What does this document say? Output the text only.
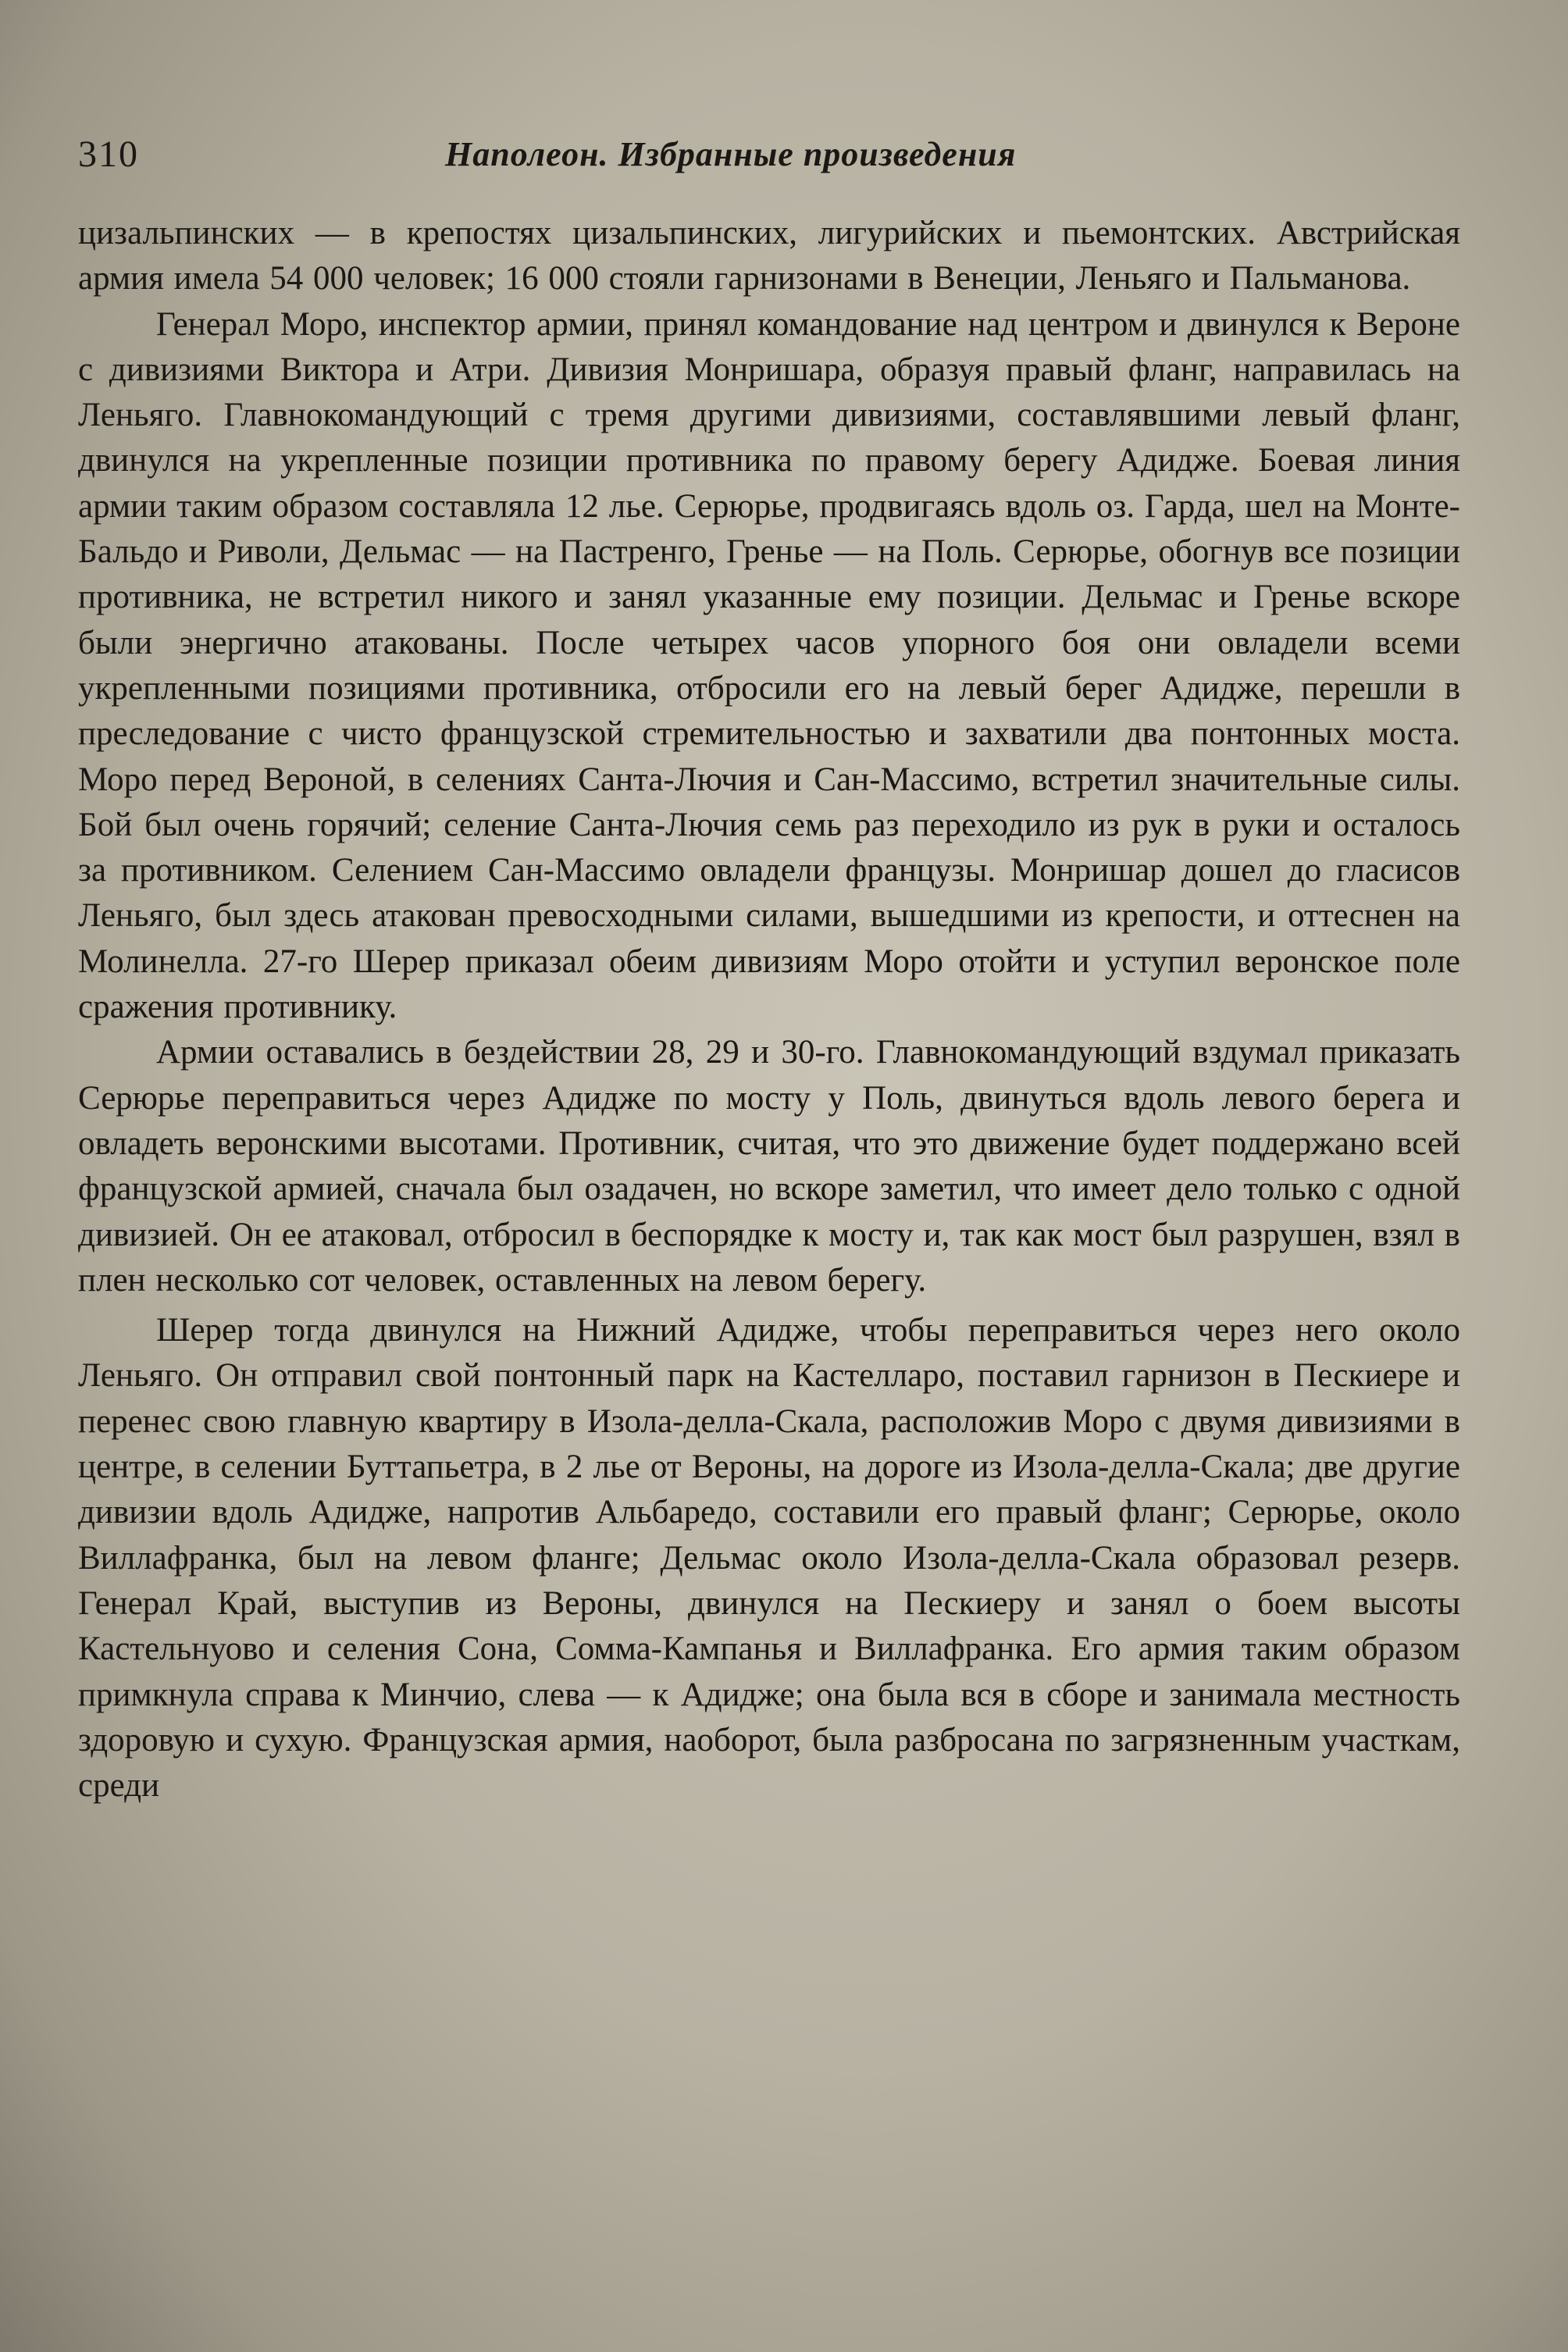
310	Наполеон. Избранные произведения

цизальпинских — в крепостях цизальпинских, лигурийских и пьемонтских. Австрийская армия имела 54 000 человек; 16 000 стояли гарнизонами в Венеции, Леньяго и Пальманова.

Генерал Моро, инспектор армии, принял командование над центром и двинулся к Вероне с дивизиями Виктора и Атри. Дивизия Монришара, образуя правый фланг, направилась на Леньяго. Главнокомандующий с тремя другими дивизиями, составлявшими левый фланг, двинулся на укрепленные позиции противника по правому берегу Адидже. Боевая линия армии таким образом составляла 12 лье. Серюрье, продвигаясь вдоль оз. Гарда, шел на Монте-Бальдо и Риволи, Дельмас — на Пастренго, Гренье — на Поль. Серюрье, обогнув все позиции противника, не встретил никого и занял указанные ему позиции. Дельмас и Гренье вскоре были энергично атакованы. После четырех часов упорного боя они овладели всеми укрепленными позициями противника, отбросили его на левый берег Адидже, перешли в преследование с чисто французской стремительностью и захватили два понтонных моста. Моро перед Вероной, в селениях Санта-Лючия и Сан-Массимо, встретил значительные силы. Бой был очень горячий; селение Санта-Лючия семь раз переходило из рук в руки и осталось за противником. Селением Сан-Массимо овладели французы. Монришар дошел до гласисов Леньяго, был здесь атакован превосходными силами, вышедшими из крепости, и оттеснен на Молинелла. 27-го Шерер приказал обеим дивизиям Моро отойти и уступил веронское поле сражения противнику.

Армии оставались в бездействии 28, 29 и 30-го. Главнокомандующий вздумал приказать Серюрье переправиться через Адидже по мосту у Поль, двинуться вдоль левого берега и овладеть веронскими высотами. Противник, считая, что это движение будет поддержано всей французской армией, сначала был озадачен, но вскоре заметил, что имеет дело только с одной дивизией. Он ее атаковал, отбросил в беспорядке к мосту и, так как мост был разрушен, взял в плен несколько сот человек, оставленных на левом берегу.

Шерер тогда двинулся на Нижний Адидже, чтобы переправиться через него около Леньяго. Он отправил свой понтонный парк на Кастелларо, поставил гарнизон в Пескиере и перенес свою главную квартиру в Изола-делла-Скала, расположив Моро с двумя дивизиями в центре, в селении Буттапьетра, в 2 лье от Вероны, на дороге из Изола-делла-Скала; две другие дивизии вдоль Адидже, напротив Альбаредо, составили его правый фланг; Серюрье, около Виллафранка, был на левом фланге; Дельмас около Изола-делла-Скала образовал резерв. Генерал Край, выступив из Вероны, двинулся на Пескиеру и занял о боем высоты Кастельнуово и селения Сона, Сомма-Кампанья и Виллафранка. Его армия таким образом примкнула справа к Минчио, слева — к Адидже; она была вся в сборе и занимала местность здоровую и сухую. Французская армия, наоборот, была разбросана по загрязненным участкам, среди
